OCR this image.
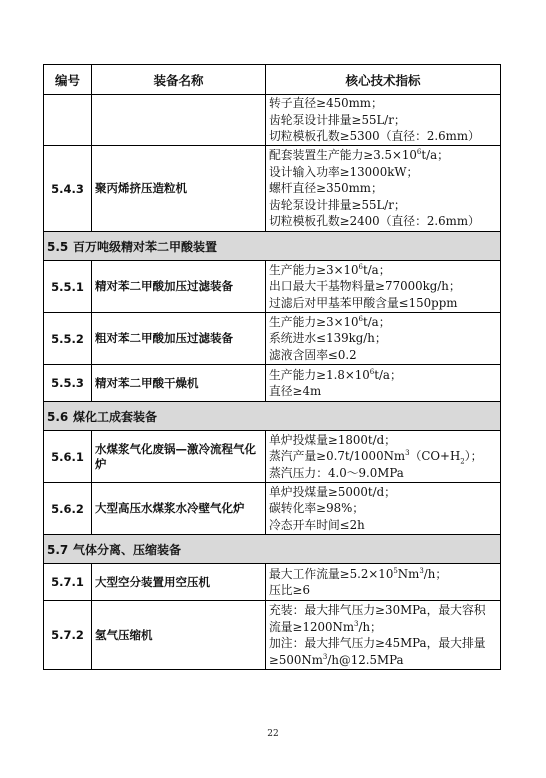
编号	装备名称	核心技术指标

		转子直径≥450mm；
齿轮泵设计排量≥55L/r；
切粒模板孔数≥5300（直径：2.6mm）

5.4.3	聚丙烯挤压造粒机	配套装置生产能力$\ge 3.5\times 10^6t/a$；
设计输入功率≥13000kW；
螺杆直径≥350mm；
齿轮泵设计排量≥55L/r；
切粒模板孔数≥2400（直径：2.6mm）

5.5 百万吨级精对苯二甲酸装置		
5.5.1	精对苯二甲酸加压过滤装备	生产能力$\ge 3\times 10^6t/a$；
出口最大干基物料量≥77000kg/h；
过滤后对甲基苯甲酸含量≤150ppm

5.5.2	粗对苯二甲酸加压过滤装备	生产能力$\ge 3\times 10^6t/a$；
系统进水≤139kg/h；
滤液含固率≤0.2

5.5.3	精对苯二甲酸干燥机	生产能力$\ge 1.8\times 10^6t/a$；
直径≥4m

5.6 煤化工成套装备		
5.6.1	水煤浆气化废锅—激冷流程气化炉	单炉投煤量≥1800t/d；
蒸汽产量$\ge 0.7t/1000Nm^3(CO+H_2)$；
蒸汽压力：4.0～9.0MPa

5.6.2	大型高压水煤浆水冷壁气化炉	单炉投煤量≥5000t/d；
碳转化率≥98%；
冷态开车时间≤2h

5.7 气体分离、压缩装备		
5.7.1	大型空分装置用空压机	最大工作流量$\ge 5.2\times 10^5Nm^3/h$；
压比≥6

5.7.2	氢气压缩机	充装：最大排气压力≥30MPa，最大容积
流量$\ge 1200Nm^3/h$；
加注：最大排气压力≥45MPa，最大排量
$\ge 500Nm^3/h@12.5MPa$
22
